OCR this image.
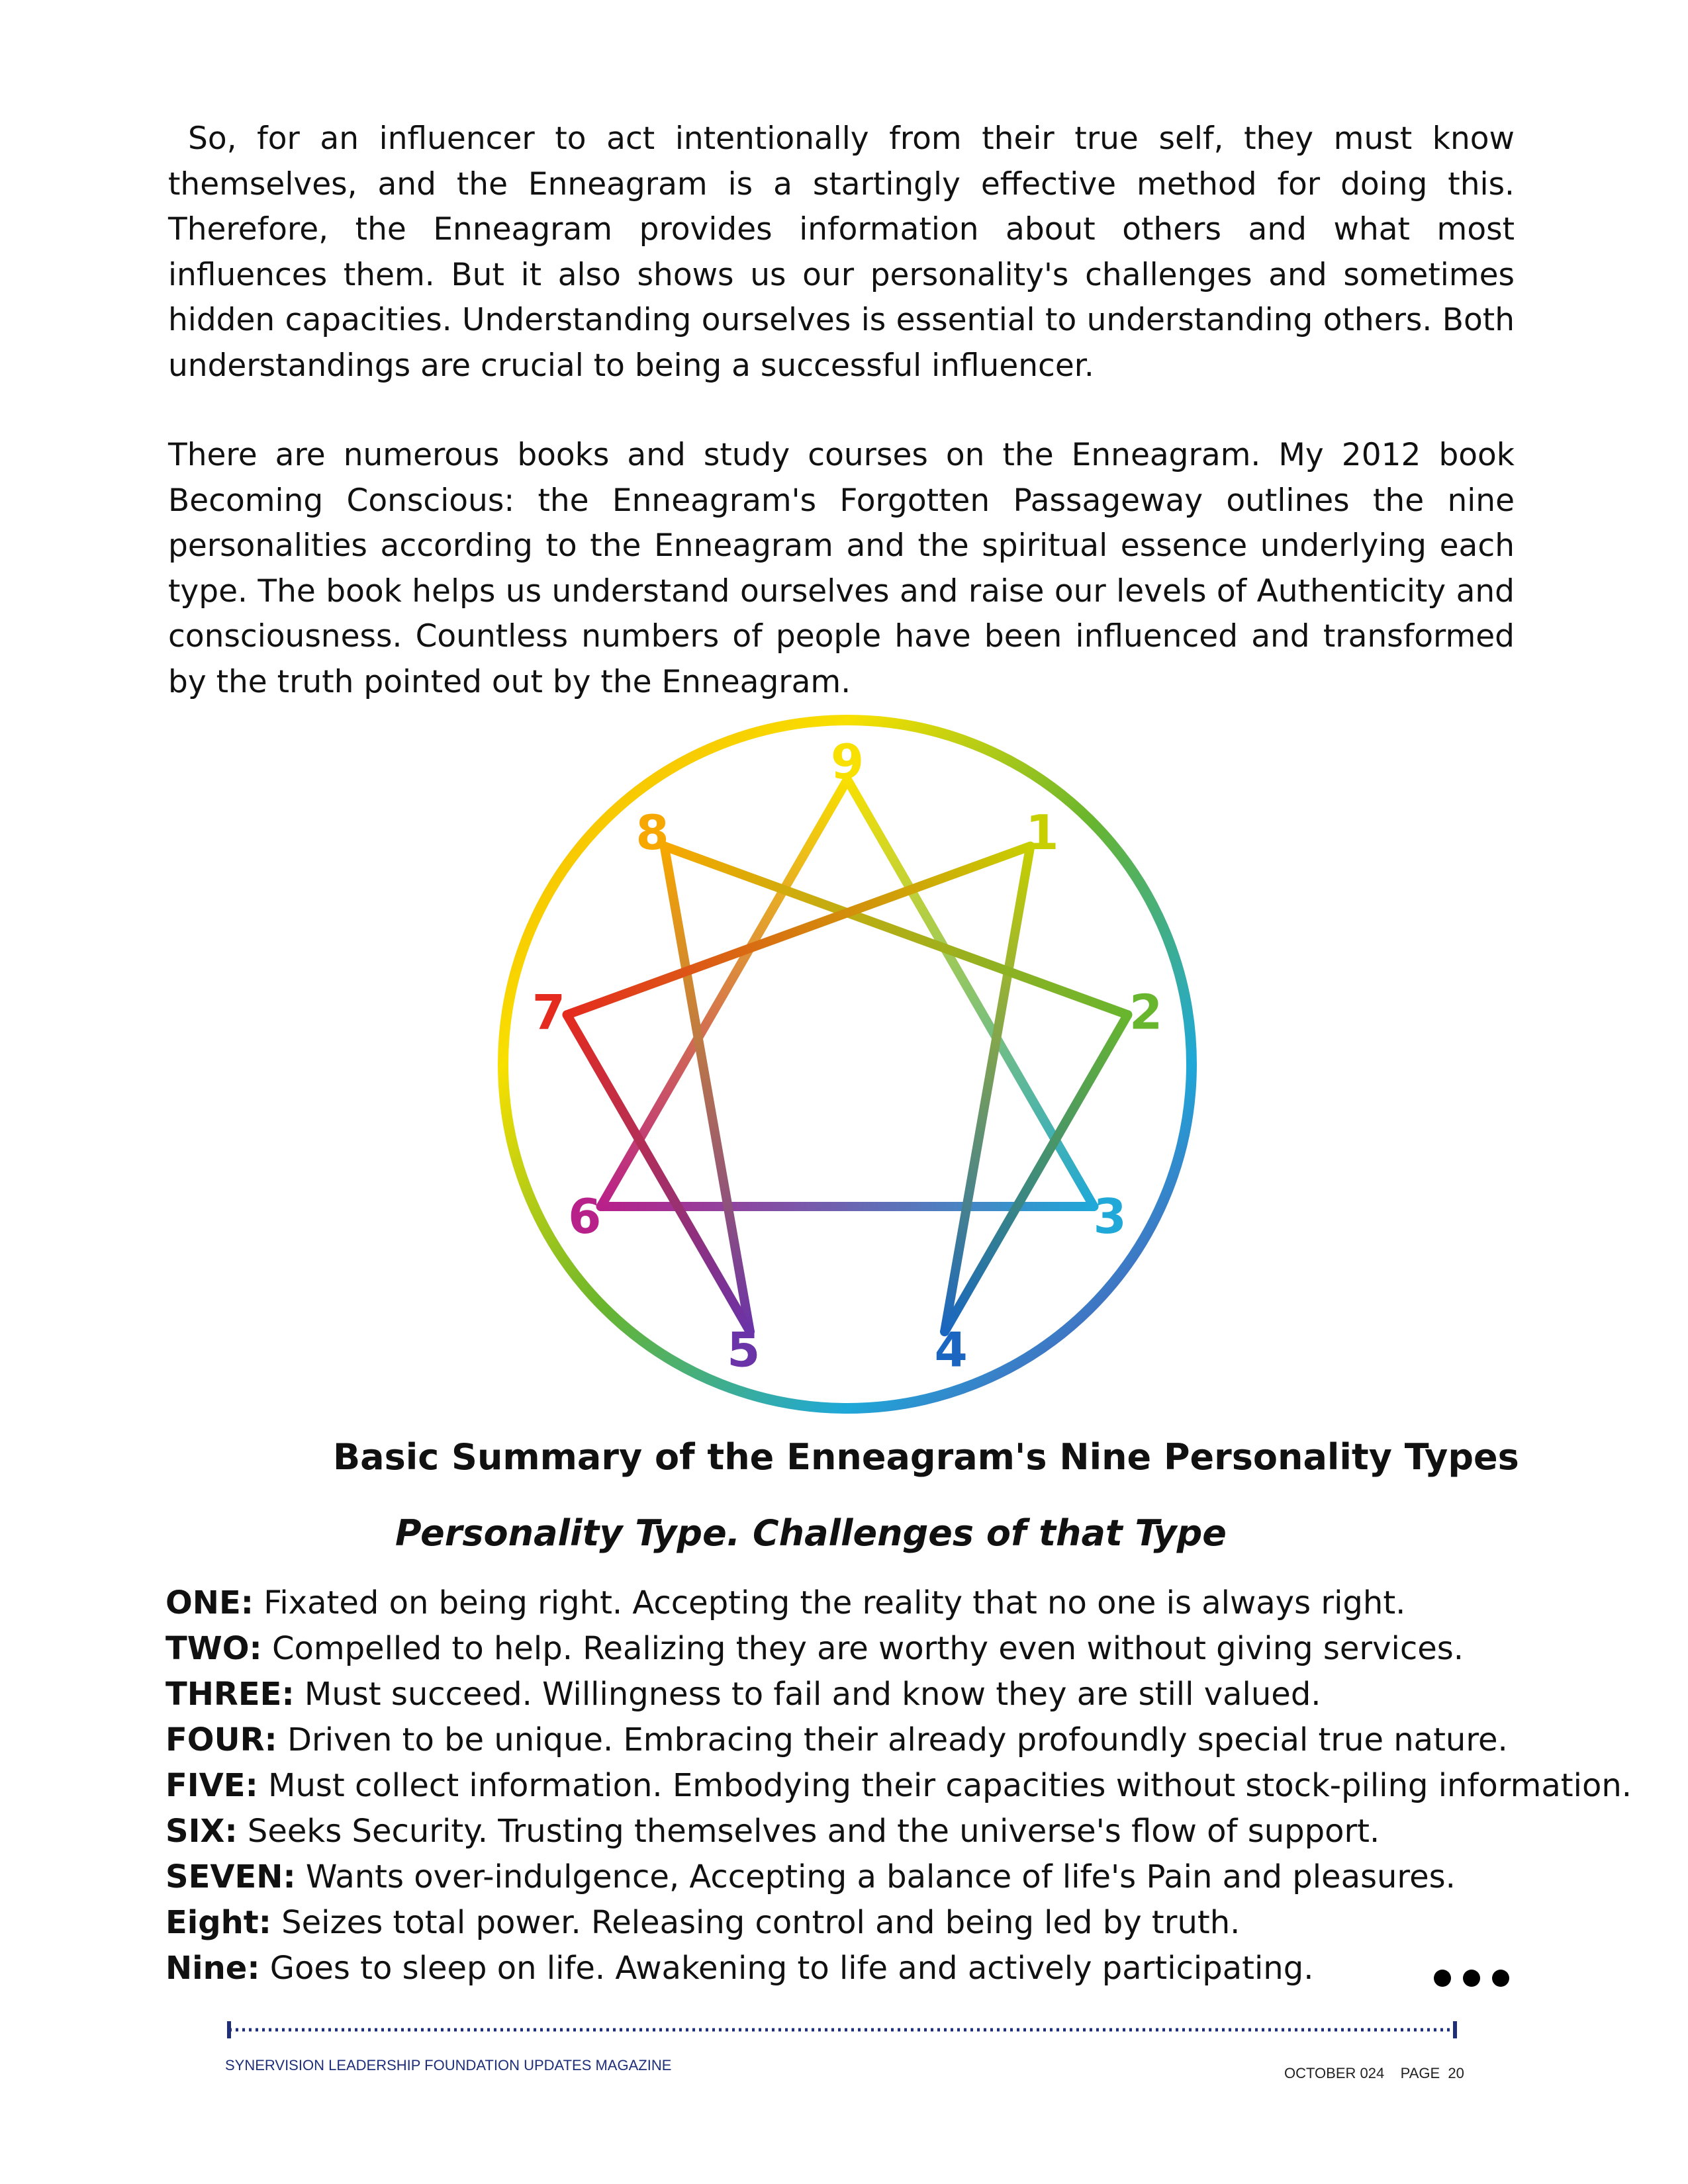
So, for an influencer to act intentionally from their true self, they must know themselves, and the Enneagram is a startingly effective method for doing this. Therefore, the Enneagram provides information about others and what most influences them. But it also shows us our personality's challenges and sometimes hidden capacities. Understanding ourselves is essential to understanding others. Both understandings are crucial to being a successful influencer.

There are numerous books and study courses on the Enneagram. My 2012 book Becoming Conscious: the Enneagram's Forgotten Passageway outlines the nine personalities according to the Enneagram and the spiritual essence underlying each type. The book helps us understand ourselves and raise our levels of Authenticity and consciousness. Countless numbers of people have been influenced and transformed by the truth pointed out by the Enneagram.

9
1
2
3
4
5
6
7
8

Basic Summary of the Enneagram's Nine Personality Types

Personality Type. Challenges of that Type

ONE: Fixated on being right. Accepting the reality that no one is always right.
TWO: Compelled to help. Realizing they are worthy even without giving services.
THREE: Must succeed. Willingness to fail and know they are still valued.
FOUR: Driven to be unique. Embracing their already profoundly special true nature.
FIVE: Must collect information. Embodying their capacities without stock-piling information.
SIX: Seeks Security. Trusting themselves and the universe's flow of support.
SEVEN: Wants over-indulgence, Accepting a balance of life's Pain and pleasures.
Eight: Seizes total power. Releasing control and being led by truth.
Nine: Goes to sleep on life. Awakening to life and actively participating.

SYNERVISION LEADERSHIP FOUNDATION UPDATES MAGAZINE	OCTOBER 024 PAGE 20
